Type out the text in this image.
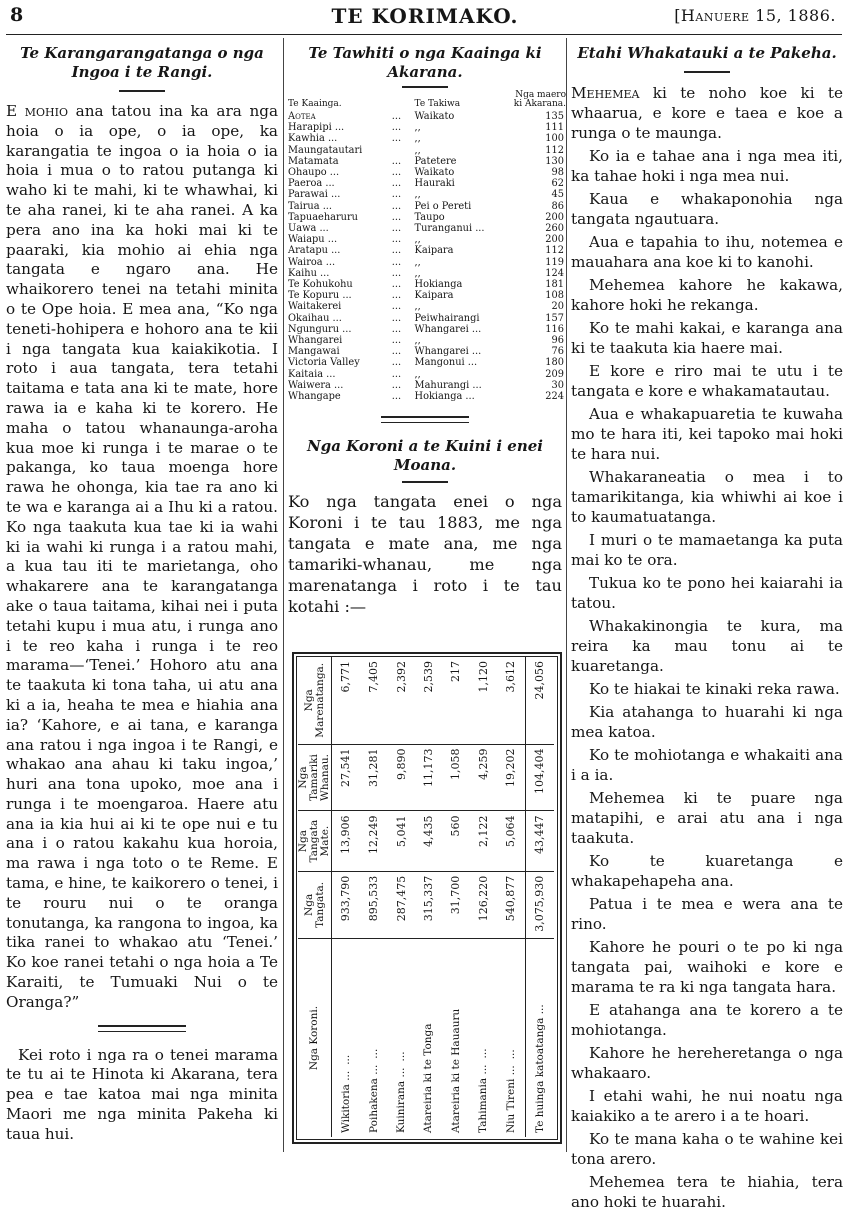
8	TE KORIMAKO.	[Hanuere 15, 1886.
Te Karangarangatanga o nga Ingoa i te Rangi.

E mohio ana tatou ina ka ara nga hoia o ia ope, o ia ope, ka karangatia te ingoa o ia hoia o ia hoia i mua o to ratou putanga ki waho ki te mahi, ki te whawhai, ki te aha ranei, ki te aha ranei. A ka pera ano ina ka hoki mai ki te paaraki, kia mohio ai ehia nga tangata e ngaro ana. He whaikorero tenei na tetahi minita o te Ope hoia. E mea ana, “Ko nga teneti-hohipera e hohoro ana te kii i nga tangata kua kaiakikotia. I roto i aua tangata, tera tetahi taitama e tata ana ki te mate, hore rawa ia e kaha ki te korero. He maha o tatou whanaunga-aroha kua moe ki runga i te marae o te pakanga, ko taua moenga hore rawa he ohonga, kia tae ra ano ki te wa e karanga ai a Ihu ki a ratou. Ko nga taakuta kua tae ki ia wahi ki ia wahi ki runga i a ratou mahi, a kua tau iti te marietanga, oho whakarere ana te karangatanga ake o taua taitama, kihai nei i puta tetahi kupu i mua atu, i runga ano i te reo kaha i runga i te reo marama—‘Tenei.’ Hohoro atu ana te taakuta ki tona taha, ui atu ana ki a ia, heaha te mea e hiahia ana ia? ‘Kahore, e ai tana, e karanga ana ratou i nga ingoa i te Rangi, e whakao ana ahau ki taku ingoa,’ huri ana tona upoko, moe ana i runga i te moengaroa. Haere atu ana ia kia hui ai ki te ope nui e tu ana i o ratou kakahu kua horoia, ma rawa i nga toto o te Reme. E tama, e hine, te kaikorero o tenei, i te rouru nui o te oranga tonutanga, ka rangona to ingoa, ka tika ranei to whakao atu ‘Tenei.’ Ko koe ranei tetahi o nga hoia a Te Karaiti, te Tumuaki Nui o te Oranga?”

Kei roto i nga ra o tenei marama te tu ai te Hinota ki Akarana, tera pea e tae katoa mai nga minita Maori me nga minita Pakeha ki taua hui.

Te Tawhiti o nga Kaainga ki Akarana.
Te Kaainga.		Te Takiwa	Nga maero ki Akarana.
Aotea	...	Waikato	135
Harapipi ...	...	,,	111
Kawhia ...	...	,,	100
Maungatautari		,,	112
Matamata	...	Patetere	130
Ohaupo ...	...	Waikato	98
Paeroa ...	...	Hauraki	62
Parawai ...	...	,,	45
Tairua ...	...	Pei o Pereti	86
Tapuaeharuru	...	Taupo	200
Uawa ...	...	Turanganui ...	260
Waiapu ...	...	,,	200
Aratapu ...	...	Kaipara	112
Wairoa ...	...	,,	119
Kaihu ...	...	,,	124
Te Kohukohu	...	Hokianga	181
Te Kopuru ...	...	Kaipara	108
Waitakerei	...	,,	20
Okaihau ...	...	Peiwhairangi	157
Ngunguru ...	...	Whangarei ...	116
Whangarei	...	,,	96
Mangawai	...	Whangarei ...	76
Victoria Valley	...	Mangonui ...	180
Kaitaia ...	...	,,	209
Waiwera ...	...	Mahurangi ...	30
Whangape	...	Hokianga ...	224
Nga Koroni a te Kuini i enei Moana.

Ko nga tangata enei o nga Koroni i te tau 1883, me nga tangata e mate ana, me nga tamariki-whanau, me nga marenatanga i roto i te tau kotahi :—

Nga Koroni.	Nga Tangata.	Nga Tangata Mate.	Nga Tamariki Whanau.	Nga Marenatanga.
Wikitoria ......	933,790	13,906	27,541	6,771
Poihakena ......	895,533	12,249	31,281	7,405
Kuinirana ......	287,475	5,041	9,890	2,392
Atareiria ki te Tonga	315,337	4,435	11,173	2,539
Atareiria ki te Hauauru	31,700	560	1,058	217
Tahimania ......	126,220	2,122	4,259	1,120
Niu Tireni ......	540,877	5,064	19,202	3,612
Te huinga katoatanga ...	3,075,930	43,447	104,404	24,056
Etahi Whakatauki a te Pakeha.

Mehemea ki te noho koe ki te whaarua, e kore e taea e koe a runga o te maunga.

Ko ia e tahae ana i nga mea iti, ka tahae hoki i nga mea nui.

Kaua e whakaponohia nga tangata ngautuara.

Aua e tapahia to ihu, notemea e mauahara ana koe ki to kanohi.

Mehemea kahore he kakawa, kahore hoki he rekanga.

Ko te mahi kakai, e karanga ana ki te taakuta kia haere mai.

E kore e riro mai te utu i te tangata e kore e whakamatautau.

Aua e whakapuaretia te kuwaha mo te hara iti, kei tapoko mai hoki te hara nui.

Whakaraneatia o mea i to tamarikitanga, kia whiwhi ai koe i to kaumatuatanga.

I muri o te mamaetanga ka puta mai ko te ora.

Tukua ko te pono hei kaiarahi ia tatou.

Whakakinongia te kura, ma reira ka mau tonu ai te kuaretanga.

Ko te hiakai te kinaki reka rawa.

Kia atahanga to huarahi ki nga mea katoa.

Ko te mohiotanga e whakaiti ana i a ia.

Mehemea ki te puare nga matapihi, e arai atu ana i nga taakuta.

Ko te kuaretanga e whakapehapeha ana.

Patua i te mea e wera ana te rino.

Kahore he pouri o te po ki nga tangata pai, waihoki e kore e marama te ra ki nga tangata hara.

E atahanga ana te korero a te mohiotanga.

Kahore he hereheretanga o nga whakaaro.

I etahi wahi, he nui noatu nga kaiakiko a te arero i a te hoari.

Ko te mana kaha o te wahine kei tona arero.

Mehemea tera te hiahia, tera ano hoki te huarahi.
